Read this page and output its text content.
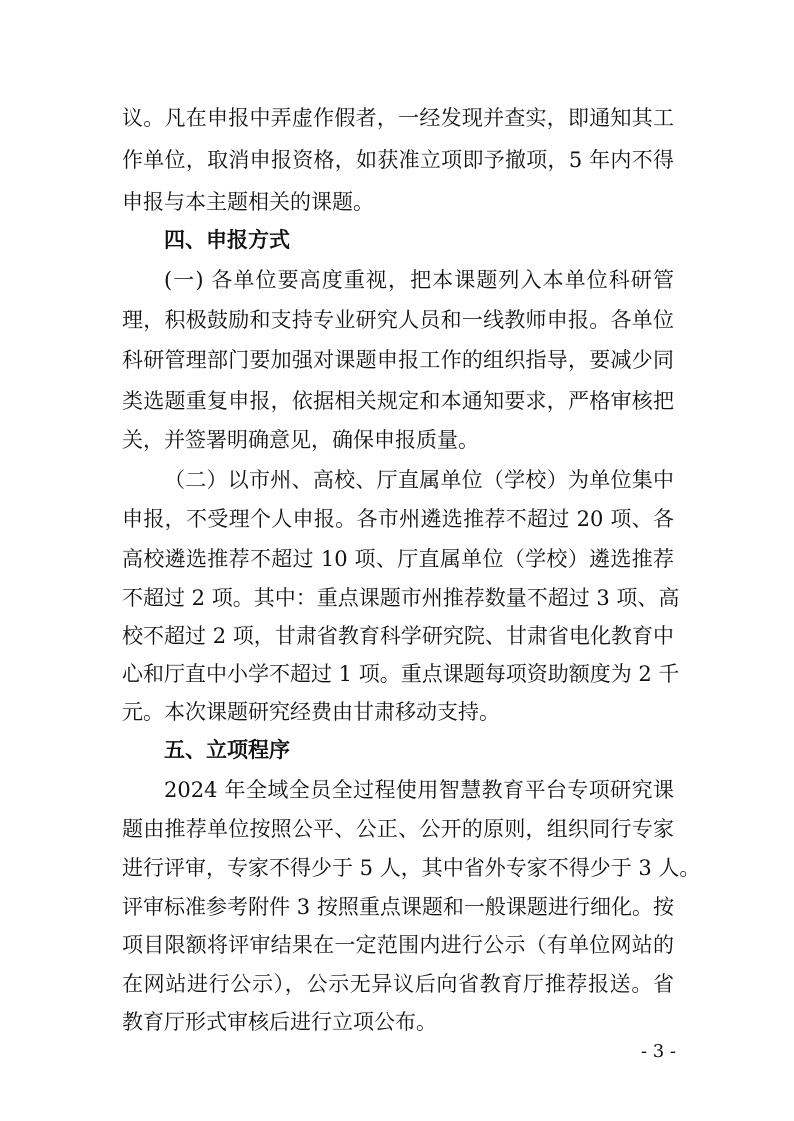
议。凡在申报中弄虚作假者，一经发现并查实，即通知其工
作单位，取消申报资格，如获准立项即予撤项，5 年内不得
申报与本主题相关的课题。
四、申报方式
(一) 各单位要高度重视，把本课题列入本单位科研管
理，积极鼓励和支持专业研究人员和一线教师申报。各单位
科研管理部门要加强对课题申报工作的组织指导，要减少同
类选题重复申报，依据相关规定和本通知要求，严格审核把
关，并签署明确意见，确保申报质量。
（二）以市州、高校、厅直属单位（学校）为单位集中
申报，不受理个人申报。各市州遴选推荐不超过 20 项、各
高校遴选推荐不超过 10 项、厅直属单位（学校）遴选推荐
不超过 2 项。其中：重点课题市州推荐数量不超过 3 项、高
校不超过 2 项，甘肃省教育科学研究院、甘肃省电化教育中
心和厅直中小学不超过 1 项。重点课题每项资助额度为 2 千
元。本次课题研究经费由甘肃移动支持。
五、立项程序
2024 年全域全员全过程使用智慧教育平台专项研究课
题由推荐单位按照公平、公正、公开的原则，组织同行专家
进行评审，专家不得少于 5 人，其中省外专家不得少于 3 人。
评审标准参考附件 3 按照重点课题和一般课题进行细化。按
项目限额将评审结果在一定范围内进行公示（有单位网站的
在网站进行公示），公示无异议后向省教育厅推荐报送。省
教育厅形式审核后进行立项公布。
- 3 -
